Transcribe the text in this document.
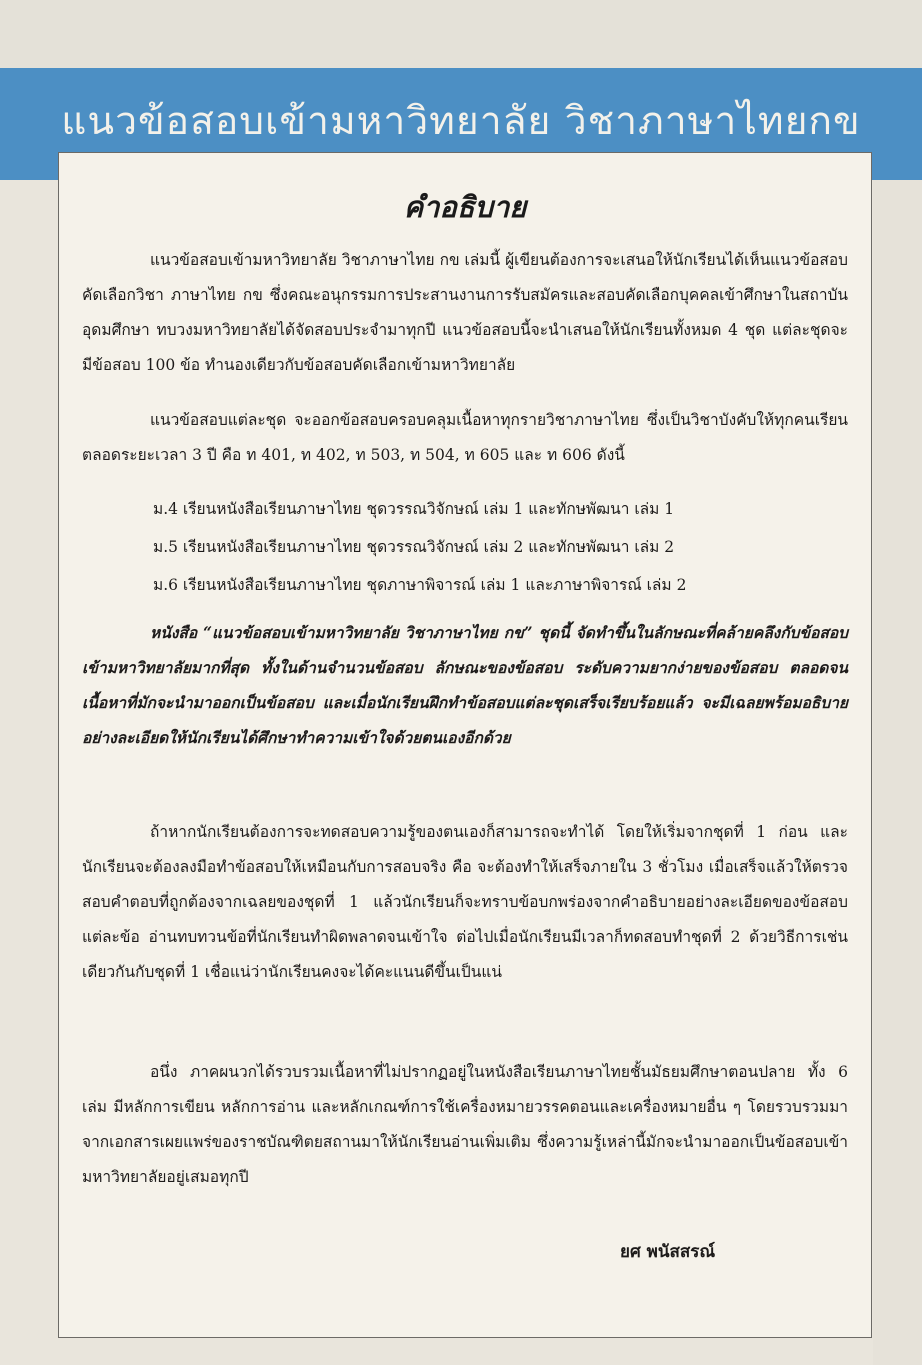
แนวข้อสอบเข้ามหาวิทยาลัย วิชาภาษาไทยกข
คำอธิบาย

แนวข้อสอบเข้ามหาวิทยาลัย วิชาภาษาไทย กข เล่มนี้ ผู้เขียนต้องการจะเสนอให้นักเรียนได้เห็นแนวข้อสอบคัดเลือกวิชา ภาษาไทย กข ซึ่งคณะอนุกรรมการประสานงานการรับสมัครและสอบคัดเลือกบุคคลเข้าศึกษาในสถาบันอุดมศึกษา ทบวงมหาวิทยาลัยได้จัดสอบประจำมาทุกปี แนวข้อสอบนี้จะนำเสนอให้นักเรียนทั้งหมด 4 ชุด แต่ละชุดจะมีข้อสอบ 100 ข้อ ทำนองเดียวกับข้อสอบคัดเลือกเข้ามหาวิทยาลัย

แนวข้อสอบแต่ละชุด จะออกข้อสอบครอบคลุมเนื้อหาทุกรายวิชาภาษาไทย ซึ่งเป็นวิชาบังคับให้ทุกคนเรียนตลอดระยะเวลา 3 ปี คือ ท 401, ท 402, ท 503, ท 504, ท 605 และ ท 606 ดังนี้

ม.4 เรียนหนังสือเรียนภาษาไทย ชุดวรรณวิจักษณ์ เล่ม 1 และทักษพัฒนา เล่ม 1
ม.5 เรียนหนังสือเรียนภาษาไทย ชุดวรรณวิจักษณ์ เล่ม 2 และทักษพัฒนา เล่ม 2
ม.6 เรียนหนังสือเรียนภาษาไทย ชุดภาษาพิจารณ์ เล่ม 1 และภาษาพิจารณ์ เล่ม 2

หนังสือ “แนวข้อสอบเข้ามหาวิทยาลัย วิชาภาษาไทย กข” ชุดนี้ จัดทำขึ้นในลักษณะที่คล้ายคลึงกับข้อสอบเข้ามหาวิทยาลัยมากที่สุด ทั้งในด้านจำนวนข้อสอบ ลักษณะของข้อสอบ ระดับความยากง่ายของข้อสอบ ตลอดจนเนื้อหาที่มักจะนำมาออกเป็นข้อสอบ และเมื่อนักเรียนฝึกทำข้อสอบแต่ละชุดเสร็จเรียบร้อยแล้ว จะมีเฉลยพร้อมอธิบายอย่างละเอียดให้นักเรียนได้ศึกษาทำความเข้าใจด้วยตนเองอีกด้วย

ถ้าหากนักเรียนต้องการจะทดสอบความรู้ของตนเองก็สามารถจะทำได้ โดยให้เริ่มจากชุดที่ 1 ก่อน และนักเรียนจะต้องลงมือทำข้อสอบให้เหมือนกับการสอบจริง คือ จะต้องทำให้เสร็จภายใน 3 ชั่วโมง เมื่อเสร็จแล้วให้ตรวจสอบคำตอบที่ถูกต้องจากเฉลยของชุดที่ 1 แล้วนักเรียนก็จะทราบข้อบกพร่องจากคำอธิบายอย่างละเอียดของข้อสอบแต่ละข้อ อ่านทบทวนข้อที่นักเรียนทำผิดพลาดจนเข้าใจ ต่อไปเมื่อนักเรียนมีเวลาก็ทดสอบทำชุดที่ 2 ด้วยวิธีการเช่นเดียวกันกับชุดที่ 1 เชื่อแน่ว่านักเรียนคงจะได้คะแนนดีขึ้นเป็นแน่

อนึ่ง ภาคผนวกได้รวบรวมเนื้อหาที่ไม่ปรากฏอยู่ในหนังสือเรียนภาษาไทยชั้นมัธยมศึกษาตอนปลาย ทั้ง 6 เล่ม มีหลักการเขียน หลักการอ่าน และหลักเกณฑ์การใช้เครื่องหมายวรรคตอนและเครื่องหมายอื่น ๆ โดยรวบรวมมาจากเอกสารเผยแพร่ของราชบัณฑิตยสถานมาให้นักเรียนอ่านเพิ่มเติม ซึ่งความรู้เหล่านี้มักจะนำมาออกเป็นข้อสอบเข้ามหาวิทยาลัยอยู่เสมอทุกปี

ยศ พนัสสรณ์
